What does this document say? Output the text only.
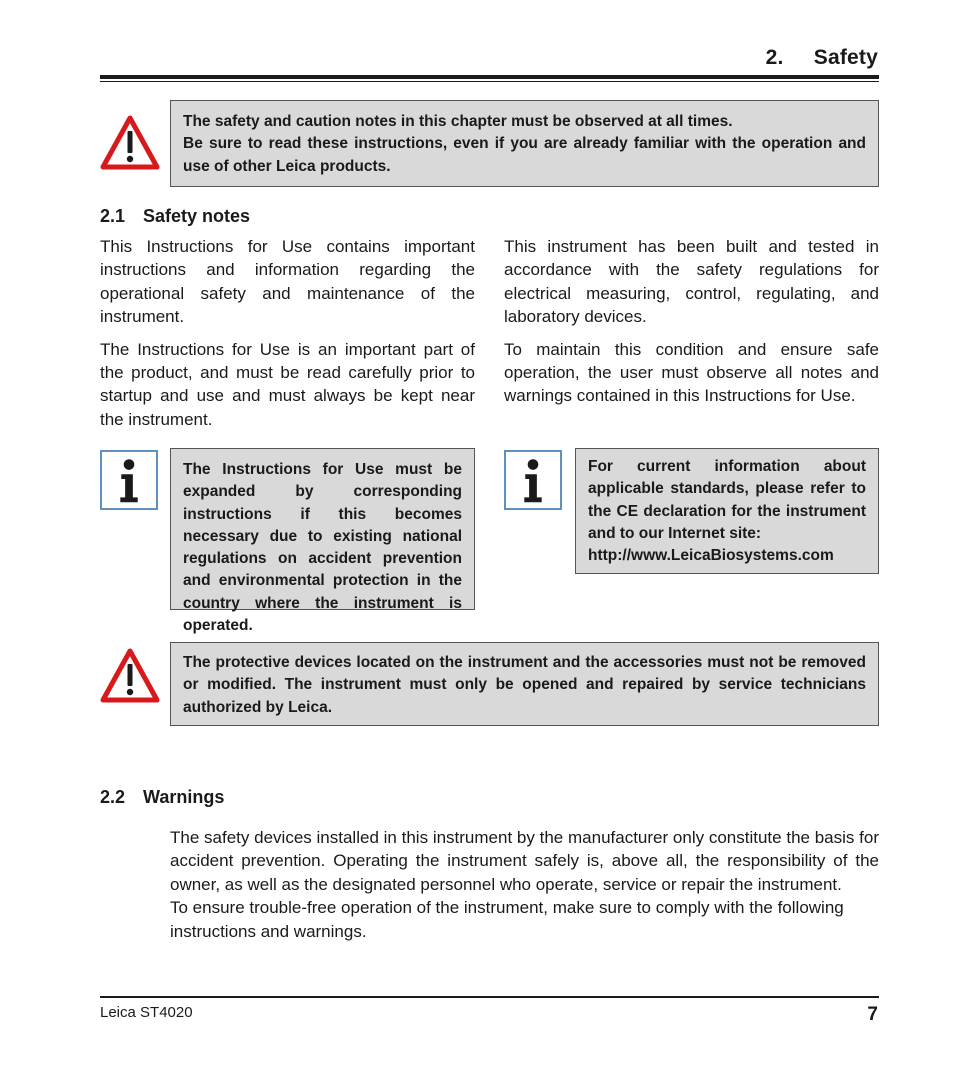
2.     Safety

The safety and caution notes in this chapter must be observed at all times.

Be sure to read these instructions, even if you are already familiar with the operation and use of other Leica products.

2.1 Safety notes

This Instructions for Use contains important instructions and information regarding the operational safety and maintenance of the instrument.

The Instructions for Use is an important part of the product, and must be read carefully prior to startup and use and must always be kept near the instrument.

This instrument has been built and tested in accordance with the safety regulations for electrical measuring, control, regulating, and laboratory devices.

To maintain this condition and ensure safe operation, the user must observe all notes and warnings contained in this Instructions for Use.

The Instructions for Use must be expanded by corresponding instructions if this becomes necessary due to existing national regulations on accident prevention and environmental protection in the country where the instrument is operated.

For current information about applicable standards, please refer to the CE declaration for the instrument and to our Internet site:

http://www.LeicaBiosystems.com

The protective devices located on the instrument and the accessories must not be removed or modified. The instrument must only be opened and repaired by service technicians authorized by Leica.

2.2 Warnings

The safety devices installed in this instrument by the manufacturer only constitute the basis for accident prevention. Operating the instrument safely is, above all, the responsibility of the owner, as well as the designated personnel who operate, service or repair the instrument.

To ensure trouble-free operation of the instrument, make sure to comply with the following instructions and warnings.

Leica ST4020	7
